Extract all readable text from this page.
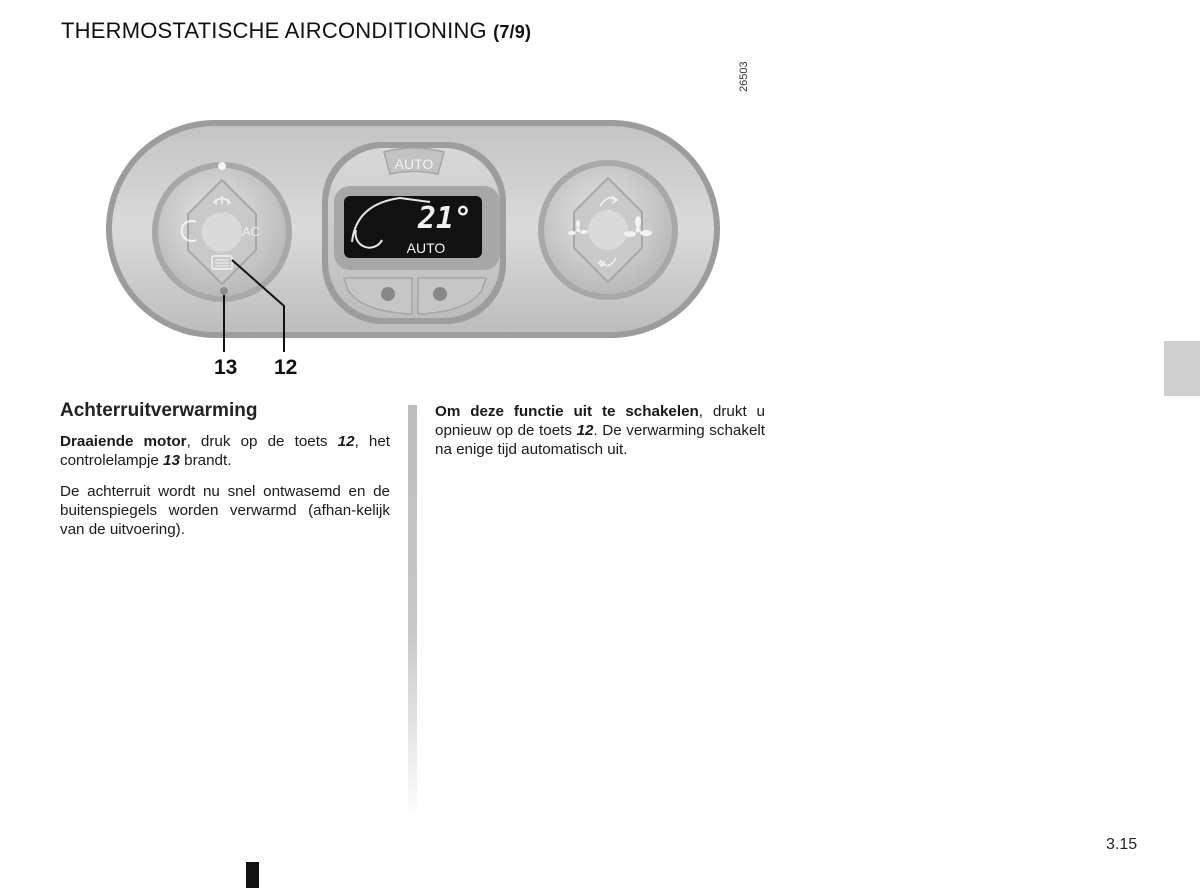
THERMOSTATISCHE AIRCONDITIONING (7/9)
26503
AC
AUTO
21°
AUTO
13 12
Achterruitverwarming

Draaiende motor, druk op de toets 12, het controlelampje 13 brandt.

De achterruit wordt nu snel ontwasemd en de buitenspiegels worden verwarmd (afhan-kelijk van de uitvoering).

Om deze functie uit te schakelen, drukt u opnieuw op de toets 12. De verwarming schakelt na enige tijd automatisch uit.

3.15
